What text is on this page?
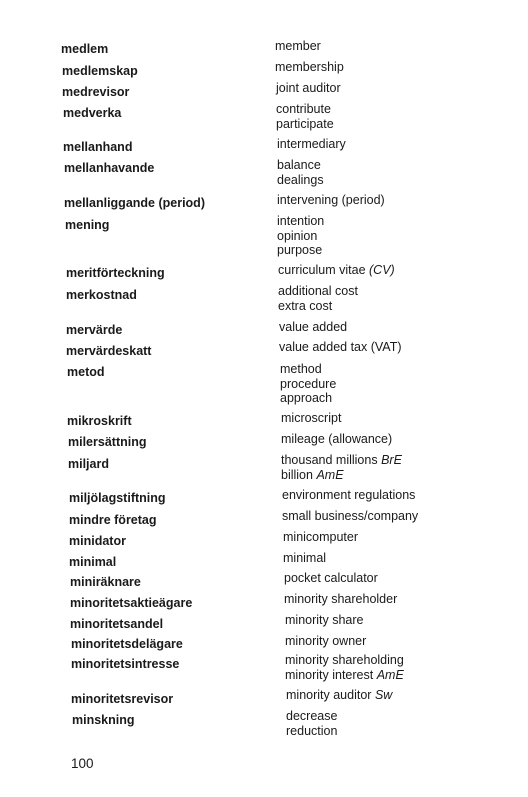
medlem	member
medlemskap	membership
medrevisor	joint auditor
medverka	contribute
participate
mellanhand	intermediary
mellanhavande	balance
dealings
mellanliggande (period)	intervening (period)
mening	intention
opinion
purpose
meritförteckning	curriculum vitae (CV)
merkostnad	additional cost
extra cost
mervärde	value added
mervärdeskatt	value added tax (VAT)
metod	method
procedure
approach
mikroskrift	microscript
milersättning	mileage (allowance)
miljard	thousand millions BrE
billion AmE
miljölagstiftning	environment regulations
mindre företag	small business/company
minidator	minicomputer
minimal	minimal
miniräknare	pocket calculator
minoritetsaktieägare	minority shareholder
minoritetsandel	minority share
minoritetsdelägare	minority owner
minoritetsintresse	minority shareholding
minority interest AmE
minoritetsrevisor	minority auditor Sw
minskning	decrease
reduction
100
